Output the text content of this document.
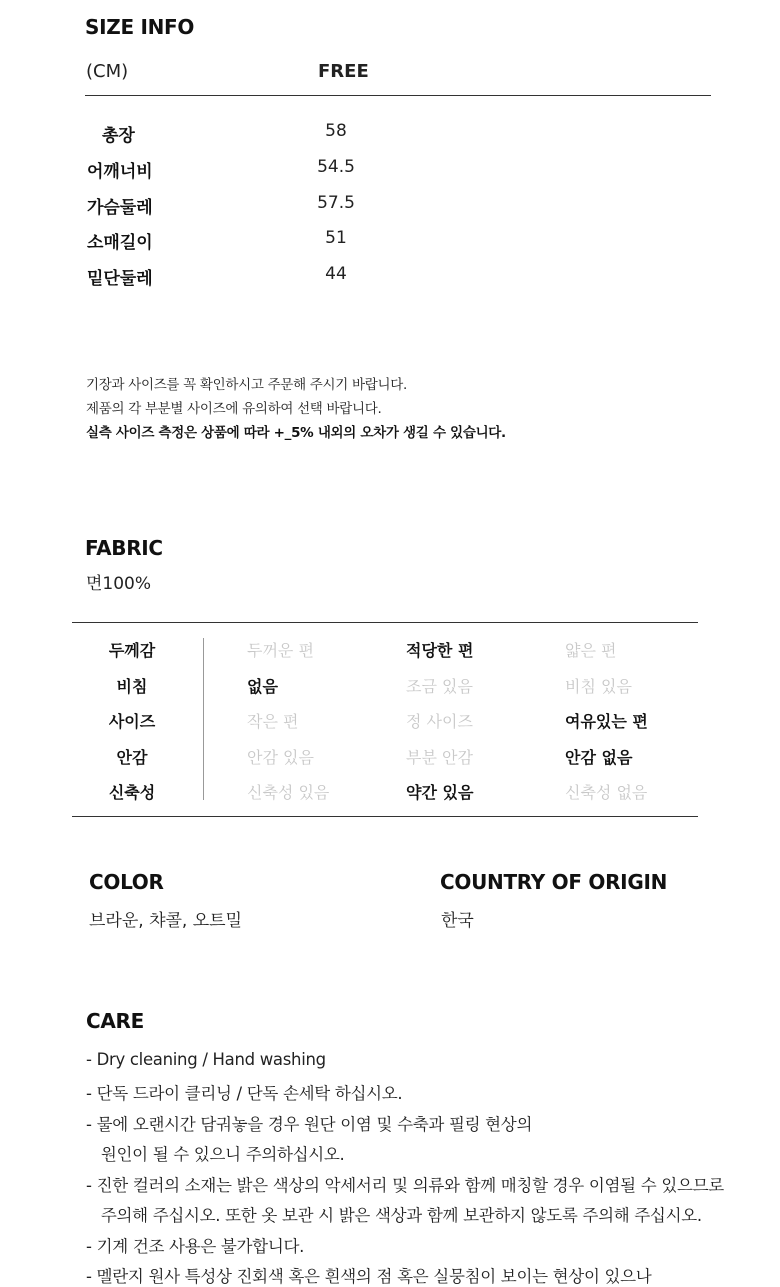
SIZE INFO
(CM)	FREE
총장	58
어깨너비	54.5
가슴둘레	57.5
소매길이	51
밑단둘레	44
기장과 사이즈를 꼭 확인하시고 주문해 주시기 바랍니다.
제품의 각 부분별 사이즈에 유의하여 선택 바랍니다.
실측 사이즈 측정은 상품에 따라 +_5% 내외의 오차가 생길 수 있습니다.
FABRIC
면100%
두께감	두꺼운 편	적당한 편	얇은 편
비침	없음	조금 있음	비침 있음
사이즈	작은 편	정 사이즈	여유있는 편
안감	안감 있음	부분 안감	안감 없음
신축성	신축성 있음	약간 있음	신축성 없음
COLOR
브라운, 챠콜, 오트밀
COUNTRY OF ORIGIN
한국
CARE
- Dry cleaning / Hand washing
- 단독 드라이 클리닝 / 단독 손세탁 하십시오.
- 물에 오랜시간 담궈놓을 경우 원단 이염 및 수축과 필링 현상의
원인이 될 수 있으니 주의하십시오.
- 진한 컬러의 소재는 밝은 색상의 악세서리 및 의류와 함께 매칭할 경우 이염될 수 있으므로
주의해 주십시오. 또한 옷 보관 시 밝은 색상과 함께 보관하지 않도록 주의해 주십시오.
- 기계 건조 사용은 불가합니다.
- 멜란지 원사 특성상 진회색 혹은 흰색의 점 혹은 실뭉침이 보이는 현상이 있으나
